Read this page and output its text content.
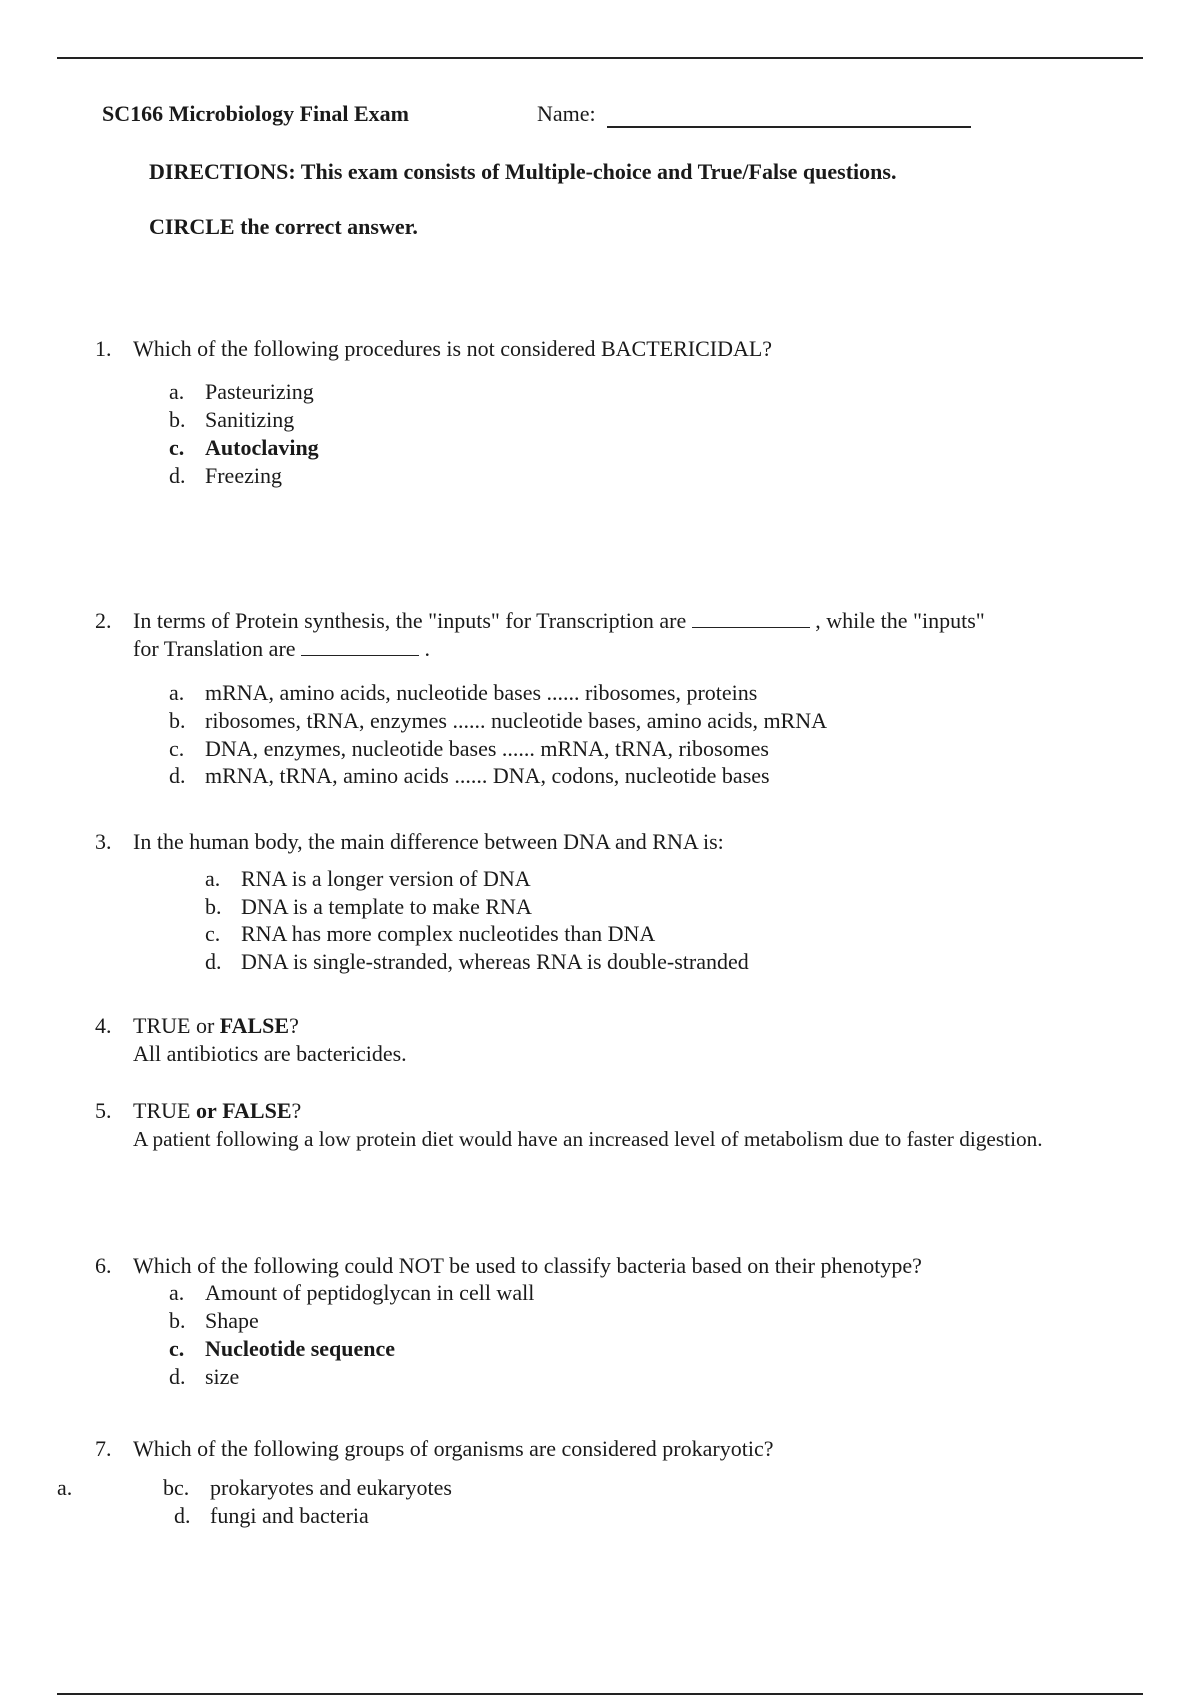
SC166 Microbiology Final Exam	Name:
DIRECTIONS: This exam consists of Multiple-choice and True/False questions.
CIRCLE the correct answer.
1. Which of the following procedures is not considered BACTERICIDAL?
a. Pasteurizing
b. Sanitizing
c. Autoclaving
d. Freezing
2. In terms of Protein synthesis, the "inputs" for Transcription are	, while the "inputs"
for Translation are	.
a. mRNA, amino acids, nucleotide bases ...... ribosomes, proteins
b. ribosomes, tRNA, enzymes ...... nucleotide bases, amino acids, mRNA
c. DNA, enzymes, nucleotide bases ...... mRNA, tRNA, ribosomes
d. mRNA, tRNA, amino acids ...... DNA, codons, nucleotide bases
3. In the human body, the main difference between DNA and RNA is:
a. RNA is a longer version of DNA
b. DNA is a template to make RNA
c. RNA has more complex nucleotides than DNA
d. DNA is single-stranded, whereas RNA is double-stranded
4. TRUE or FALSE?
All antibiotics are bactericides.
5. TRUE or FALSE?
A patient following a low protein diet would have an increased level of metabolism due to faster digestion.
6. Which of the following could NOT be used to classify bacteria based on their phenotype?
a. Amount of peptidoglycan in cell wall
b. Shape
c. Nucleotide sequence
d. size
7. Which of the following groups of organisms are considered prokaryotic?
a.	bc. prokaryotes and eukaryotes
d. fungi and bacteria
